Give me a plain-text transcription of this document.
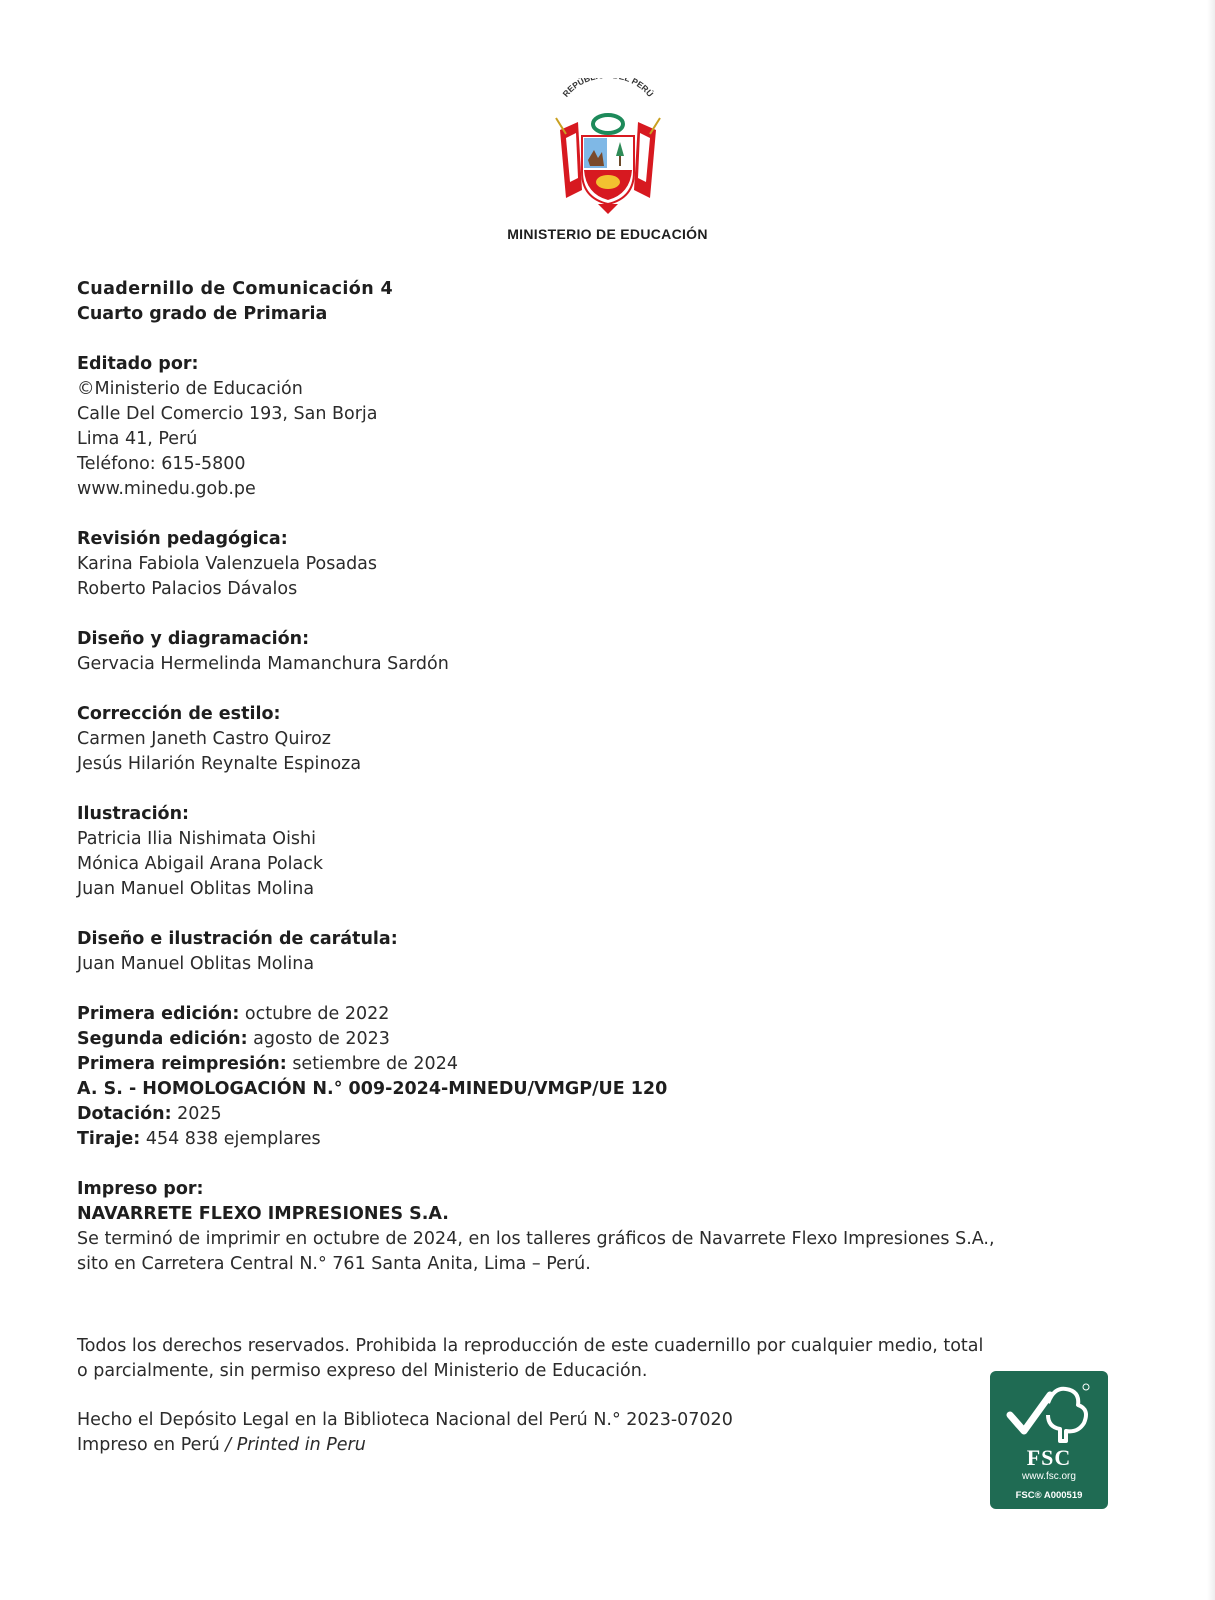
REPÚB L PERÚ
MINISTERIO DE EDUCACIÓN
Cuadernillo de Comunicación 4
Cuarto grado de Primaria
Editado por:
©Ministerio de Educación
Calle Del Comercio 193, San Borja
Lima 41, Perú
Teléfono: 615-5800
www.minedu.gob.pe
Revisión pedagógica:
Karina Fabiola Valenzuela Posadas
Roberto Palacios Dávalos
Diseño y diagramación:
Gervacia Hermelinda Mamanchura Sardón
Corrección de estilo:
Carmen Janeth Castro Quiroz
Jesús Hilarión Reynalte Espinoza
Ilustración:
Patricia Ilia Nishimata Oishi
Mónica Abigail Arana Polack
Juan Manuel Oblitas Molina
Diseño e ilustración de carátula:
Juan Manuel Oblitas Molina
Primera edición: octubre de 2022
Segunda edición: agosto de 2023
Primera reimpresión: setiembre de 2024
A. S. - HOMOLOGACIÓN N.° 009-2024-MINEDU/VMGP/UE 120
Dotación: 2025
Tiraje: 454 838 ejemplares
Impreso por:
NAVARRETE FLEXO IMPRESIONES S.A.
Se terminó de imprimir en octubre de 2024, en los talleres gráficos de Navarrete Flexo Impresiones S.A.,
sito en Carretera Central N.° 761 Santa Anita, Lima – Perú.
Todos los derechos reservados. Prohibida la reproducción de este cuadernillo por cualquier medio, total
o parcialmente, sin permiso expreso del Ministerio de Educación.
Hecho el Depósito Legal en la Biblioteca Nacional del Perú N.° 2023-07020
Impreso en Perú / Printed in Peru	FSC
www.fsc.org
FSC® A000519
